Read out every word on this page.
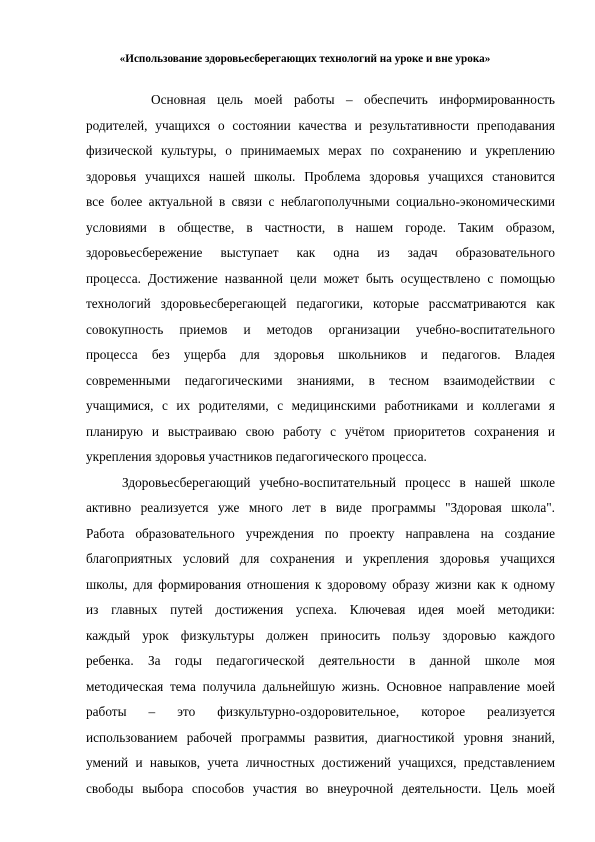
«Использование здоровьесберегающих технологий на уроке и вне урока»
Основная цель моей работы – обеспечить информированность
родителей, учащихся о состоянии качества и результативности преподавания
физической культуры, о принимаемых мерах по сохранению и укреплению
здоровья учащихся нашей школы. Проблема здоровья учащихся становится
все более актуальной в связи с неблагополучными социально-экономическими
условиями в обществе, в частности, в нашем городе. Таким образом,
здоровьесбережение выступает как одна из задач образовательного
процесса. Достижение названной цели может быть осуществлено с помощью
технологий здоровьесберегающей педагогики, которые рассматриваются как
совокупность приемов и методов организации учебно-воспитательного
процесса без ущерба для здоровья школьников и педагогов. Владея
современными педагогическими знаниями, в тесном взаимодействии с
учащимися, с их родителями, с медицинскими работниками и коллегами я
планирую и выстраиваю свою работу с учётом приоритетов сохранения и
укрепления здоровья участников педагогического процесса.
Здоровьесберегающий учебно-воспитательный процесс в нашей школе
активно реализуется уже много лет в виде программы "Здоровая школа".
Работа образовательного учреждения по проекту направлена на создание
благоприятных условий для сохранения и укрепления здоровья учащихся
школы, для формирования отношения к здоровому образу жизни как к одному
из главных путей достижения успеха. Ключевая идея моей методики:
каждый урок физкультуры должен приносить пользу здоровью каждого
ребенка. За годы педагогической деятельности в данной школе моя
методическая тема получила дальнейшую жизнь. Основное направление моей
работы – это физкультурно-оздоровительное, которое реализуется
использованием рабочей программы развития, диагностикой уровня знаний,
умений и навыков, учета личностных достижений учащихся, представлением
свободы выбора способов участия во внеурочной деятельности. Цель моей
